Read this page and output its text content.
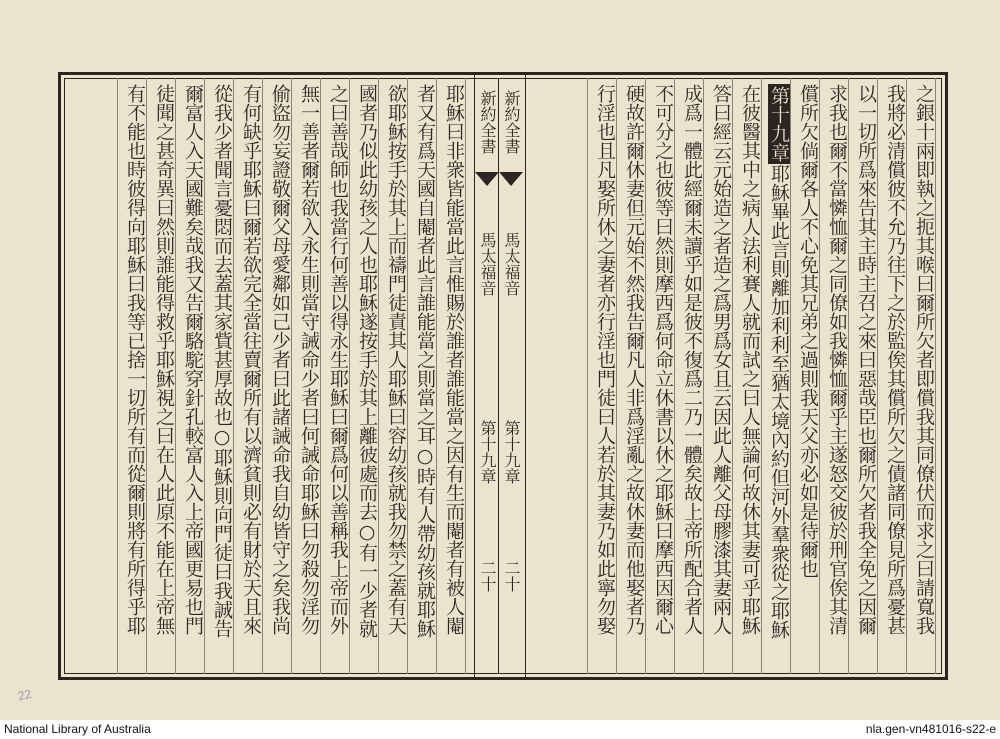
新約全書 新約全書
馬太福音 馬太福音
第十九章 第十九章
二十 二十	之銀十兩即執之扼其喉曰爾所欠者即償我其同僚伏而求之曰請寬我
我將必清償彼不允乃往下之於監俟其償所欠之債諸同僚見所爲憂甚
以一切所爲來告其主時主召之來曰惡哉臣也爾所欠者我全免之因爾
求我也爾不當憐恤爾之同僚如我憐恤爾乎主遂怒交彼於刑官俟其清
償所欠倘爾各人不心免其兄弟之過則我天父亦必如是待爾也
第十九章耶穌畢此言則離加利利至猶太境內約但河外羣衆從之耶穌
在彼醫其中之病人法利賽人就而試之曰人無論何故休其妻可乎耶穌
答曰經云元始造之者造之爲男爲女且云因此人離父母膠漆其妻兩人
成爲一體此經爾未讀乎如是彼不復爲二乃一體矣故上帝所配合者人
不可分之也彼等曰然則摩西爲何命立休書以休之耶穌曰摩西因爾心
硬故許爾休妻但元始不然我告爾凡人非爲淫亂之故休妻而他娶者乃
行淫也且凡娶所休之妻者亦行淫也門徒曰人若於其妻乃如此寧勿娶
耶穌曰非衆皆能當此言惟賜於誰者誰能當之因有生而閹者有被人閹
者又有爲天國自閹者此言誰能當之則當之耳○時有人帶幼孩就耶穌
欲耶穌按手於其上而禱門徒責其人耶穌曰容幼孩就我勿禁之蓋有天
國者乃似此幼孩之人也耶穌遂按手於其上離彼處而去○有一少者就
之曰善哉師也我當行何善以得永生耶穌曰爾爲何以善稱我上帝而外
無一善者爾若欲入永生則當守誡命少者曰何誡命耶穌曰勿殺勿淫勿
偷盜勿妄證敬爾父母愛鄰如己少者曰此諸誡命我自幼皆守之矣我尚
有何缺乎耶穌曰爾若欲完全當往賣爾所有以濟貧則必有財於天且來
從我少者聞言憂悶而去蓋其家貲甚厚故也○耶穌則向門徒曰我誠告
爾富人入天國難矣哉我又告爾駱駝穿針孔較富人入上帝國更易也門
徒聞之甚奇異曰然則誰能得救乎耶穌視之曰在人此原不能在上帝無
有不能也時彼得向耶穌曰我等已捨一切所有而從爾則將有所得乎耶
22
National Library of Australia	nla.gen-vn481016-s22-e
